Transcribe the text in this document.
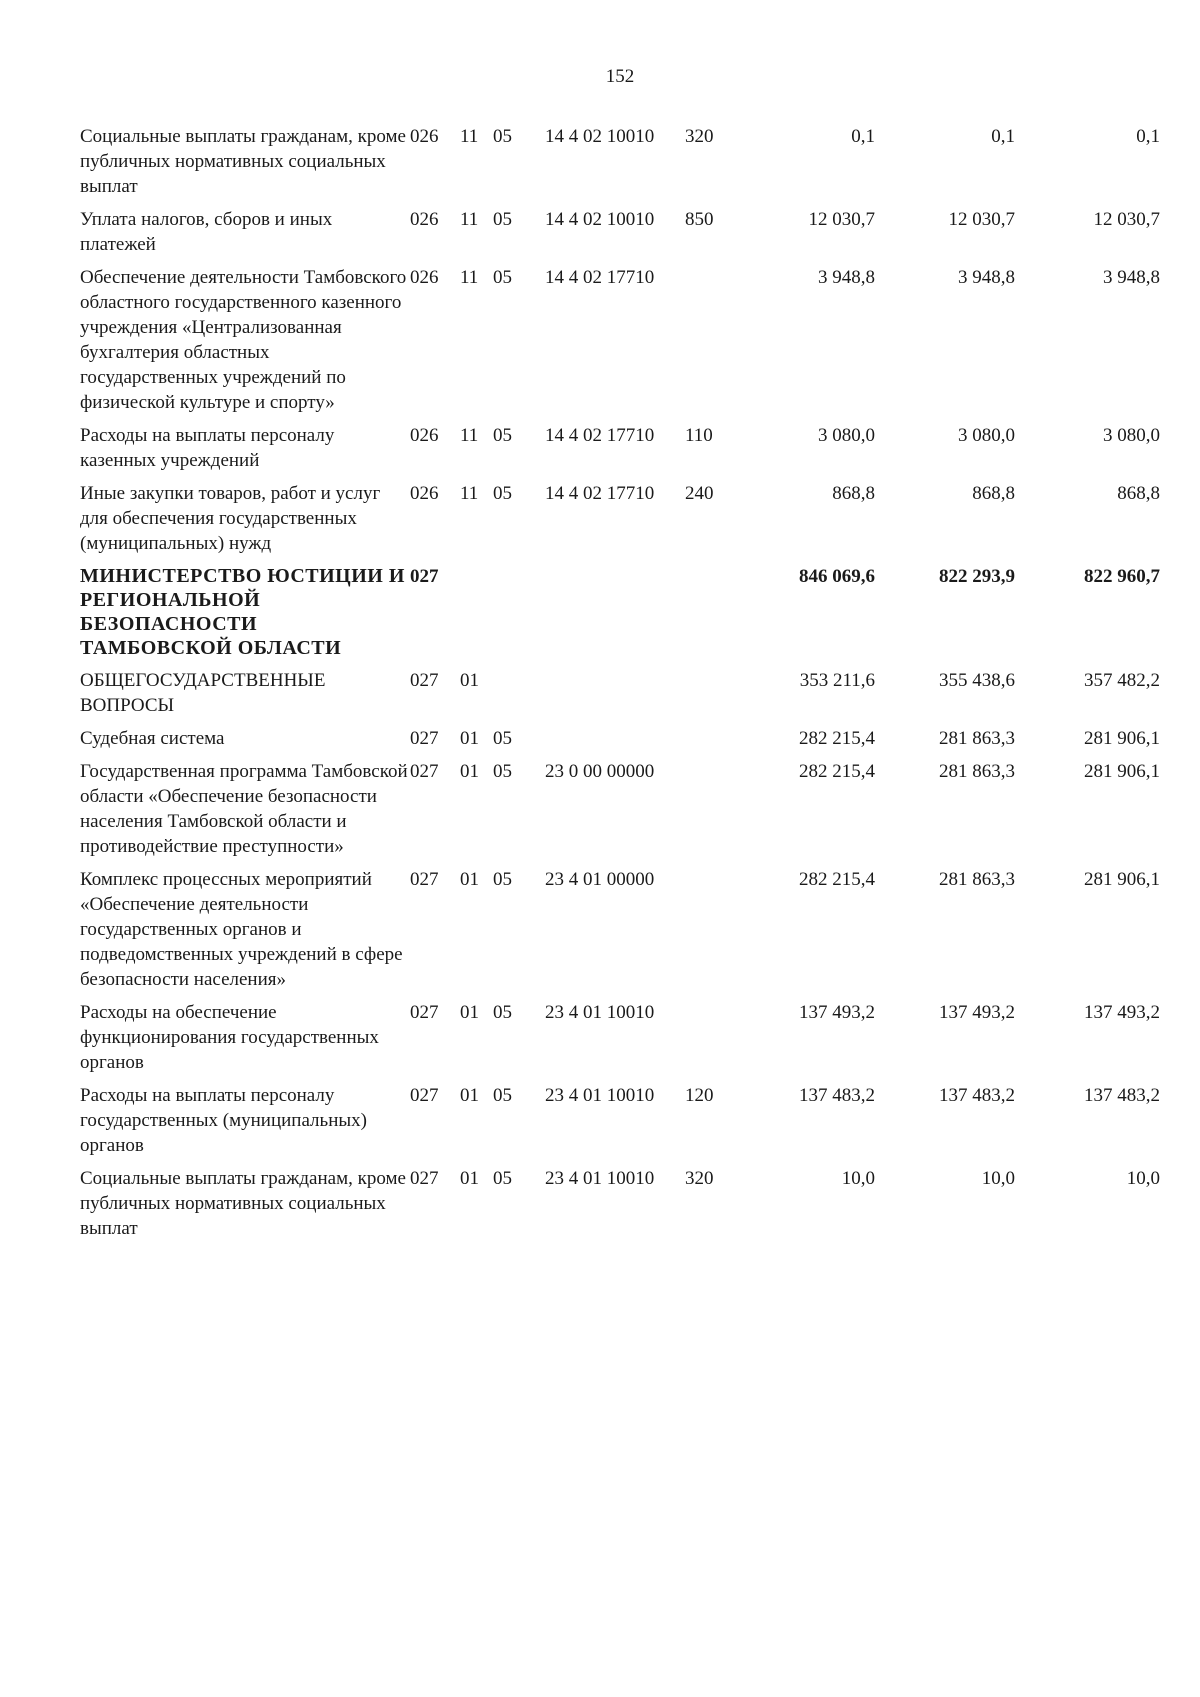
152
Социальные выплаты гражданам, кроме публичных нормативных социальных выплат	026	11	05	14 4 02 10010	320	0,1	0,1	0,1
Уплата налогов, сборов и иных платежей	026	11	05	14 4 02 10010	850	12 030,7	12 030,7	12 030,7
Обеспечение деятельности Тамбовского областного государственного казенного учреждения «Централизованная бухгалтерия областных государственных учреждений по физической культуре и спорту»	026	11	05	14 4 02 17710		3 948,8	3 948,8	3 948,8
Расходы на выплаты персоналу казенных учреждений	026	11	05	14 4 02 17710	110	3 080,0	3 080,0	3 080,0
Иные закупки товаров, работ и услуг для обеспечения государственных (муниципальных) нужд	026	11	05	14 4 02 17710	240	868,8	868,8	868,8
МИНИСТЕРСТВО ЮСТИЦИИ И РЕГИОНАЛЬНОЙ БЕЗОПАСНОСТИ ТАМБОВСКОЙ ОБЛАСТИ	027					846 069,6	822 293,9	822 960,7
ОБЩЕГОСУДАРСТВЕННЫЕ ВОПРОСЫ	027	01				353 211,6	355 438,6	357 482,2
Судебная система	027	01	05			282 215,4	281 863,3	281 906,1
Государственная программа Тамбовской области «Обеспечение безопасности населения Тамбовской области и противодействие преступности»	027	01	05	23 0 00 00000		282 215,4	281 863,3	281 906,1
Комплекс процессных мероприятий «Обеспечение деятельности государственных органов и подведомственных учреждений в сфере безопасности населения»	027	01	05	23 4 01 00000		282 215,4	281 863,3	281 906,1
Расходы на обеспечение функционирования государственных органов	027	01	05	23 4 01 10010		137 493,2	137 493,2	137 493,2
Расходы на выплаты персоналу государственных (муниципальных) органов	027	01	05	23 4 01 10010	120	137 483,2	137 483,2	137 483,2
Социальные выплаты гражданам, кроме публичных нормативных социальных выплат	027	01	05	23 4 01 10010	320	10,0	10,0	10,0
